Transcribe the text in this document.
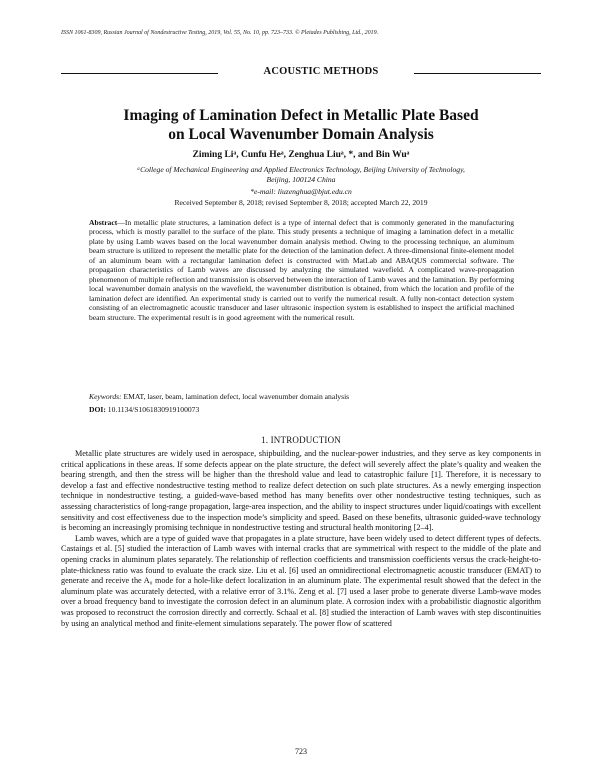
ISSN 1061-8309, Russian Journal of Nondestructive Testing, 2019, Vol. 55, No. 10, pp. 723–733. © Pleiades Publishing, Ltd., 2019.
ACOUSTIC METHODS
Imaging of Lamination Defect in Metallic Plate Based
on Local Wavenumber Domain Analysis
Ziming Liᵃ, Cunfu Heᵃ, Zenghua Liuᵃ, *, and Bin Wuᵃ
ᵃCollege of Mechanical Engineering and Applied Electronics Technology, Beijing University of Technology,
Beijing, 100124 China
*e-mail: liuzenghua@bjut.edu.cn
Received September 8, 2018; revised September 8, 2018; accepted March 22, 2019
Abstract—In metallic plate structures, a lamination defect is a type of internal defect that is commonly generated in the manufacturing process, which is mostly parallel to the surface of the plate. This study presents a technique of imaging a lamination defect in a metallic plate by using Lamb waves based on the local wavenumber domain analysis method. Owing to the processing technique, an aluminum beam structure is utilized to represent the metallic plate for the detection of the lamination defect. A three-dimensional finite-element model of an aluminum beam with a rectangular lamination defect is constructed with MatLab and ABAQUS commercial software. The propagation characteristics of Lamb waves are discussed by analyzing the simulated wavefield. A complicated wave-propagation phenomenon of multiple reflection and transmission is observed between the interaction of Lamb waves and the lamination. By performing local wavenumber domain analysis on the wavefield, the wavenumber distribution is obtained, from which the location and profile of the lamination defect are identified. An experimental study is carried out to verify the numerical result. A fully non-contact detection system consisting of an electromagnetic acoustic transducer and laser ultrasonic inspection system is established to inspect the artificial machined beam structure. The experimental result is in good agreement with the numerical result.
Keywords: EMAT, laser, beam, lamination defect, local wavenumber domain analysis
DOI: 10.1134/S1061830919100073
1. INTRODUCTION

Metallic plate structures are widely used in aerospace, shipbuilding, and the nuclear-power industries, and they serve as key components in critical applications in these areas. If some defects appear on the plate structure, the defect will severely affect the plate’s quality and weaken the bearing strength, and then the stress will be higher than the threshold value and lead to catastrophic failure [1]. Therefore, it is necessary to develop a fast and effective nondestructive testing method to realize defect detection on such plate structures. As a newly emerging inspection technique in nondestructive testing, a guided-wave-based method has many benefits over other nondestructive testing techniques, such as assessing characteristics of long-range propagation, large-area inspection, and the ability to inspect structures under liquid/coatings with excellent sensitivity and cost effectiveness due to the inspection mode’s simplicity and speed. Based on these benefits, ultrasonic guided-wave technology is becoming an increasingly promising technique in nondestructive testing and structural health monitoring [2–4].

Lamb waves, which are a type of guided wave that propagates in a plate structure, have been widely used to detect different types of defects. Castaings et al. [5] studied the interaction of Lamb waves with internal cracks that are symmetrical with respect to the middle of the plate and opening cracks in aluminum plates separately. The relationship of reflection coefficients and transmission coefficients versus the crack-height-to-plate-thickness ratio was found to evaluate the crack size. Liu et al. [6] used an omnidirectional electromagnetic acoustic transducer (EMAT) to generate and receive the A₀ mode for a hole-like defect localization in an aluminum plate. The experimental result showed that the defect in the aluminum plate was accurately detected, with a relative error of 3.1%. Zeng et al. [7] used a laser probe to generate diverse Lamb-wave modes over a broad frequency band to investigate the corrosion defect in an aluminum plate. A corrosion index with a probabilistic diagnostic algorithm was proposed to reconstruct the corrosion directly and correctly. Schaal et al. [8] studied the interaction of Lamb waves with step discontinuities by using an analytical method and finite-element simulations separately. The power flow of scattered

723
